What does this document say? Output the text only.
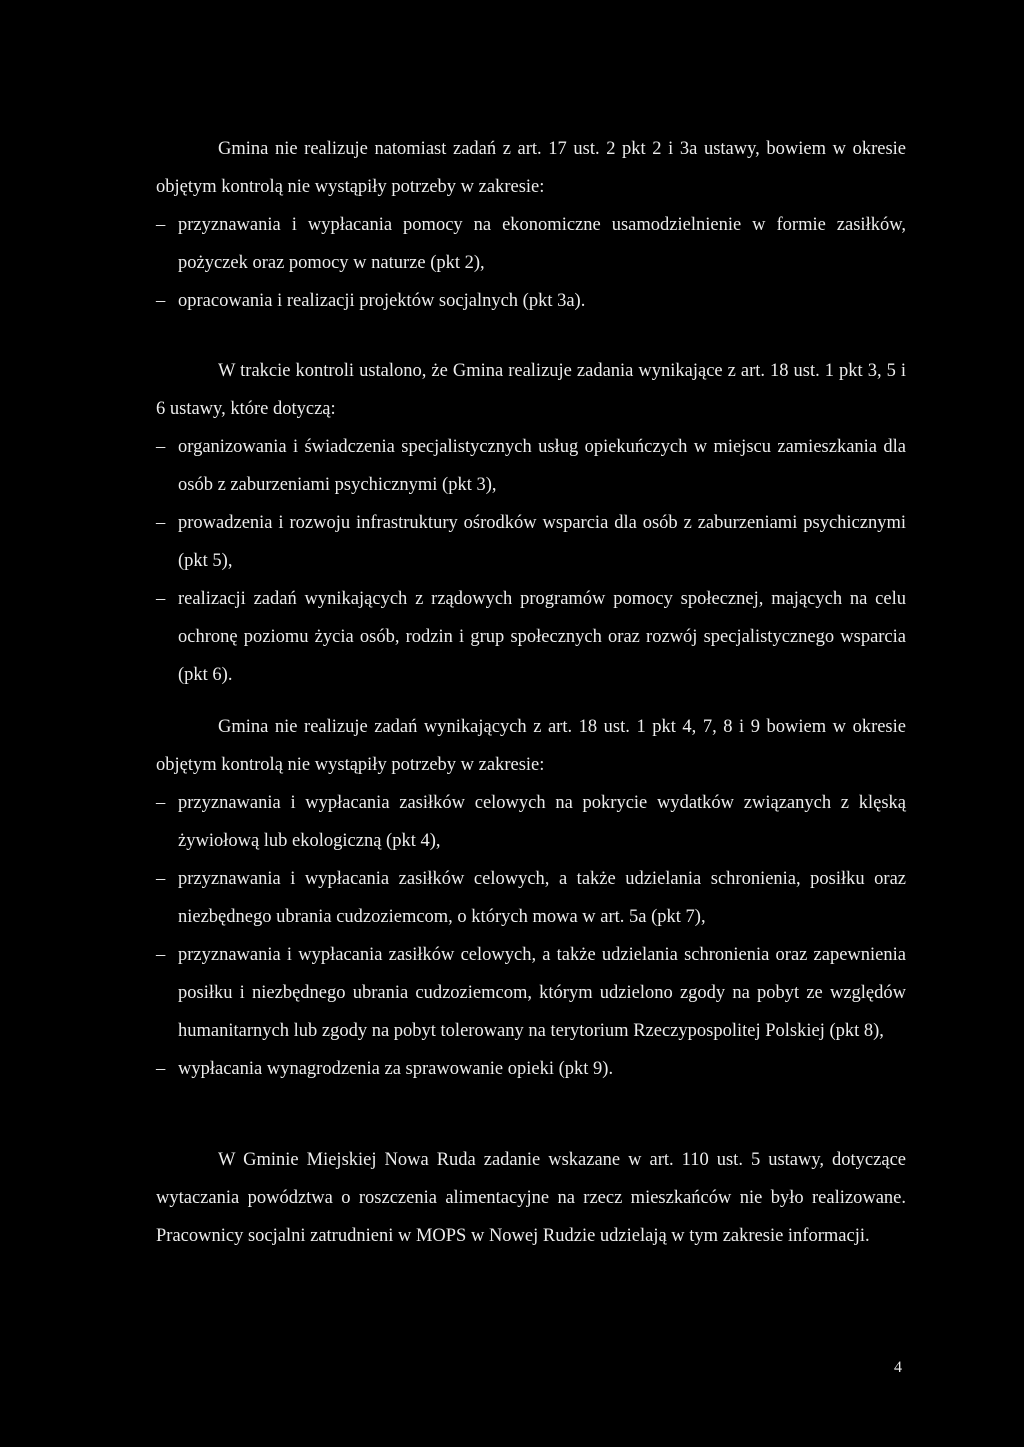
Gmina nie realizuje natomiast zadań z art. 17 ust. 2 pkt 2 i 3a ustawy, bowiem w okresie objętym kontrolą nie wystąpiły potrzeby w zakresie:

– przyznawania i wypłacania pomocy na ekonomiczne usamodzielnienie w formie zasiłków, pożyczek oraz pomocy w naturze (pkt 2),
– opracowania i realizacji projektów socjalnych (pkt 3a).

W trakcie kontroli ustalono, że Gmina realizuje zadania wynikające z art. 18 ust. 1 pkt 3, 5 i 6 ustawy, które dotyczą:

– organizowania i świadczenia specjalistycznych usług opiekuńczych w miejscu zamieszkania dla osób z zaburzeniami psychicznymi (pkt 3),
– prowadzenia i rozwoju infrastruktury ośrodków wsparcia dla osób z zaburzeniami psychicznymi (pkt 5),
– realizacji zadań wynikających z rządowych programów pomocy społecznej, mających na celu ochronę poziomu życia osób, rodzin i grup społecznych oraz rozwój specjalistycznego wsparcia (pkt 6).

Gmina nie realizuje zadań wynikających z art. 18 ust. 1 pkt 4, 7, 8 i 9 bowiem w okresie objętym kontrolą nie wystąpiły potrzeby w zakresie:

– przyznawania i wypłacania zasiłków celowych na pokrycie wydatków związanych z klęską żywiołową lub ekologiczną (pkt 4),
– przyznawania i wypłacania zasiłków celowych, a także udzielania schronienia, posiłku oraz niezbędnego ubrania cudzoziemcom, o których mowa w art. 5a (pkt 7),
– przyznawania i wypłacania zasiłków celowych, a także udzielania schronienia oraz zapewnienia posiłku i niezbędnego ubrania cudzoziemcom, którym udzielono zgody na pobyt ze względów humanitarnych lub zgody na pobyt tolerowany na terytorium Rzeczypospolitej Polskiej (pkt 8),
– wypłacania wynagrodzenia za sprawowanie opieki (pkt 9).

W Gminie Miejskiej Nowa Ruda zadanie wskazane w art. 110 ust. 5 ustawy, dotyczące wytaczania powództwa o roszczenia alimentacyjne na rzecz mieszkańców nie było realizowane. Pracownicy socjalni zatrudnieni w MOPS w Nowej Rudzie udzielają w tym zakresie informacji.

4
